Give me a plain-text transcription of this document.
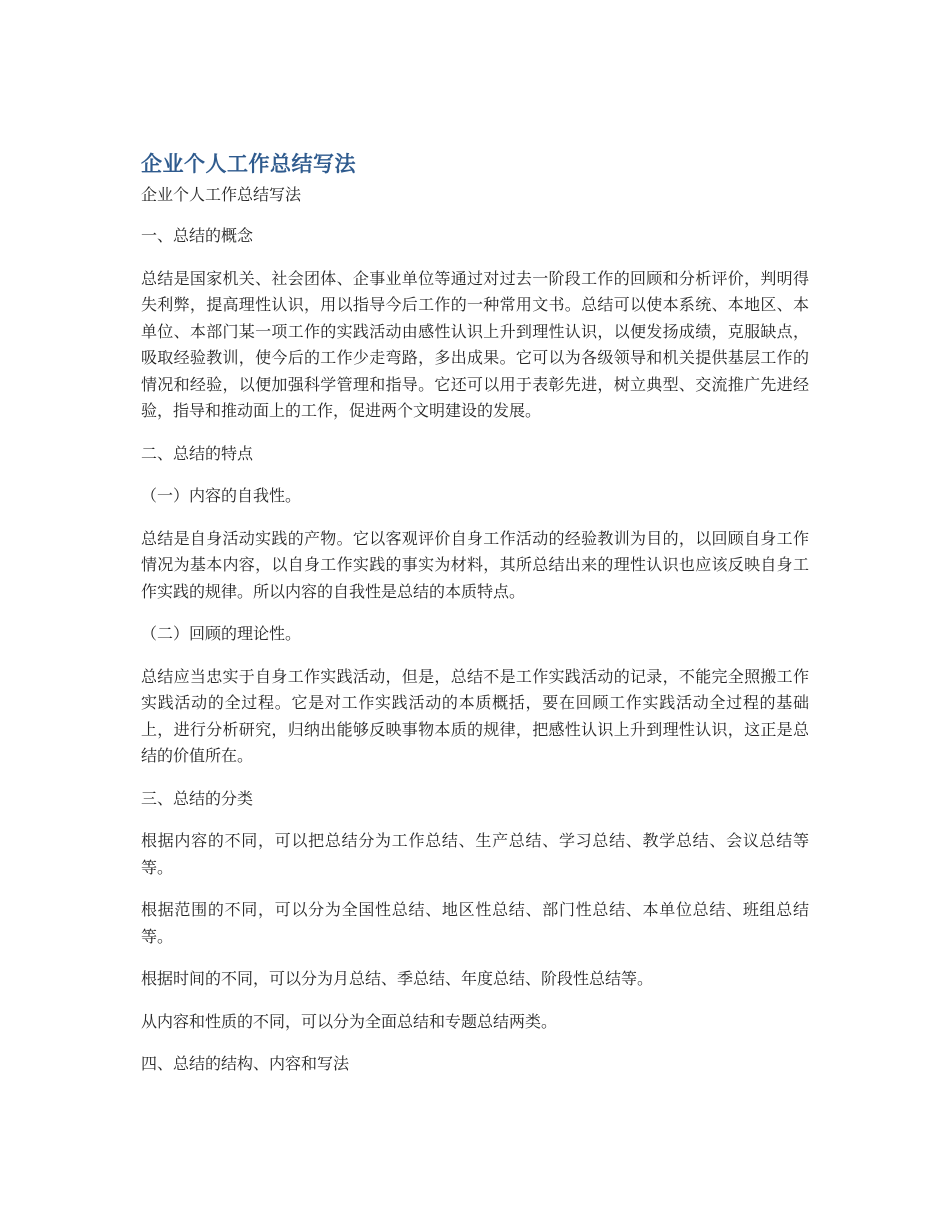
企业个人工作总结写法

企业个人工作总结写法

一、总结的概念

总结是国家机关、社会团体、企事业单位等通过对过去一阶段工作的回顾和分析评价，判明得失利弊，提高理性认识，用以指导今后工作的一种常用文书。总结可以使本系统、本地区、本单位、本部门某一项工作的实践活动由感性认识上升到理性认识，以便发扬成绩，克服缺点，吸取经验教训，使今后的工作少走弯路，多出成果。它可以为各级领导和机关提供基层工作的情况和经验，以便加强科学管理和指导。它还可以用于表彰先进，树立典型、交流推广先进经验，指导和推动面上的工作，促进两个文明建设的发展。

二、总结的特点

（一）内容的自我性。

总结是自身活动实践的产物。它以客观评价自身工作活动的经验教训为目的，以回顾自身工作情况为基本内容，以自身工作实践的事实为材料，其所总结出来的理性认识也应该反映自身工作实践的规律。所以内容的自我性是总结的本质特点。

（二）回顾的理论性。

总结应当忠实于自身工作实践活动，但是，总结不是工作实践活动的记录，不能完全照搬工作实践活动的全过程。它是对工作实践活动的本质概括，要在回顾工作实践活动全过程的基础上，进行分析研究，归纳出能够反映事物本质的规律，把感性认识上升到理性认识，这正是总结的价值所在。

三、总结的分类

根据内容的不同，可以把总结分为工作总结、生产总结、学习总结、教学总结、会议总结等等。

根据范围的不同，可以分为全国性总结、地区性总结、部门性总结、本单位总结、班组总结等。

根据时间的不同，可以分为月总结、季总结、年度总结、阶段性总结等。

从内容和性质的不同，可以分为全面总结和专题总结两类。

四、总结的结构、内容和写法
